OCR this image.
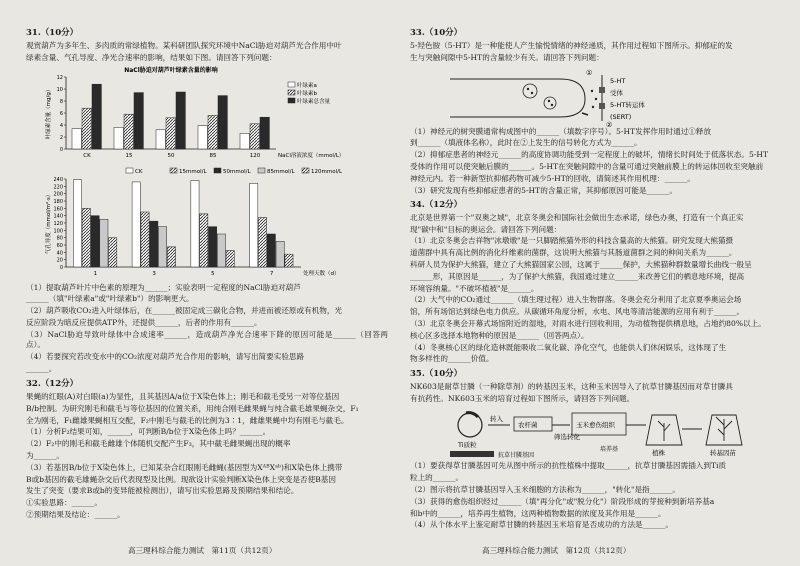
31.（10分）

观赏葫芦为多年生、多肉质的常绿植物。某科研团队探究环境中NaCl胁迫对葫芦光合作用中叶

绿素含量、气孔导度、净光合速率的影响，结果如下图。请回答下列问题：

0
2
4
6
8
10
12
叶绿素含量（mg/g）
CK	15	50	85	120	NaCl溶液浓度（mmol/L）
叶绿素a
叶绿素b
叶绿素总含量
NaCl胁迫对葫芦叶绿素含量的影响
0
20
40
60
80
100
120
140
160
180
200
220
240
气孔导度（mmol/m²·s）
1	3	5	7	处理天数（d）
CK	15mmol/L	50mmol/L	85mmol/L	120mmol/L

（1）提取葫芦叶片中色素的原理为______；实验表明一定程度的NaCl胁迫对葫芦

______（填"叶绿素a"或"叶绿素b"）的影响更大。

（2）葫芦吸收CO₂进入叶绿体后，在______被固定成三碳化合物，并进而被还原或有机物，光

反应阶段为暗反应提供ATP外，还提供______，后者的作用有______。

（3）NaCl胁迫导致叶绿体中合成速率______，造成葫芦净光合速率下降的原因可能是______（回答两点）。

（4）若要探究若改变水中的CO₂浓度对葫芦光合作用的影响，请写出简要实验思路

______。

32.（12分）

果蝇的红眼(A)对白眼(a)为显性，且其基因A/a位于X染色体上；刚毛和截毛受另一对等位基因

B/b控制。为研究刚毛和截毛与等位基因的位置关系，用纯合刚毛雌果蝇与纯合截毛雄果蝇杂交，F₁

全为刚毛，F₁雌雄果蝇相互交配，F₂中刚毛与截毛的比例为3∶1，雌雄果蝇中均有刚毛与截毛。

（1）分析F₂结果可知，______，可判断B/b位于X染色体上吗？______。

（2）F₂中的刚毛和截毛雌雄个体随机交配产生F₃，其中截毛雌果蝇出现的概率

为______。

（3）若基因B/b位于X染色体上，已知某杂合红眼刚毛雌蝇(基因型为XᴬᴮXᵃᵇ)和X染色体上携带

B或b基因的截毛雄蝇杂交后代表现型及比例。现欲设计实验判断X染色体上突变是否使B基因

发生了突变（要求B或b的变异能被检测出），请写出实验思路及预期结果和结论。

①实验思路：______。

②预期结果及结论：______。

高三理科综合能力测试　第11页（共12页）
33.（10分）

5-羟色胺（5-HT）是一种能使人产生愉悦情绪的神经递质，其作用过程如下图所示。抑郁症的发

生与突触间隙中5-HT的含量较少有关。请回答下列问题：

5-HT
受体
5-HT转运体
(SERT)
①
②

（1）神经元的树突膜通常构成图中的______（填数字序号）。5-HT发挥作用时通过①释放

到______（填液体名称），此时在②上发生的信号转化方式为______。

（2）抑郁症患者的神经元______的高度协调功能受到一定程度上的破坏，情绪长时间处于低落状态。5-HT

受体的作用可以使突触后膜的______。5-HT在突触间隙中的含量可通过突触前膜上的转运体回收至突触前

神经元内。若一种新型抗抑郁药物可减少5-HT的回收，请简述其作用机理：______。

（3）研究发现有些抑郁症患者的5-HT的含量正常，其抑郁原因可能是______。

34.（12分）

北京是世界第一个"双奥之城"，北京冬奥会和国际社会做出生态承诺，绿色办奥，打造有一个真正实

现"碳中和"目标的奥运会。请回答下列问题：

（1）北京冬奥会吉祥物"冰墩墩"是一只脚踏熊猫外形的科技含量高的大熊猫。研究发现大熊猫摄

道菌群中具有高比例的消化纤维素的菌群，这说明大熊猫与其肠道菌群之间的种间关系为______。

科研人员为保护大熊猫，建立了大熊猫国家公园，这属于______保护，大熊猫种群数量增长曲线一般呈

______形，其原因是______，为了保护大熊猫，我国通过建立______来改善它们的栖息地环境，提高

环境容纳量。"不破坏植被"是______。

（2）大气中的CO₂通过______（填生理过程）进入生物群落。冬奥会充分利用了北京夏季奥运会场

馆，所有场馆达到绿色电力供应。从碳循环角度分析，水电、风电等清洁能源的应用有利于______。

（3）北京冬奥会开幕式场馆附近的湿地，对雨水进行回收利用，为动植物提供栖息地，占地约80%以上。

核心区多选择本地物种的原因是______（回答两点）。

（4）冬奥核心区的绿化造林既能吸收二氧化碳、净化空气，也能供人们休闲娱乐，这体现了生

物多样性的______价值。

35.（10分）

NK603是耐草甘膦（一种除草剂）的转基因玉米，这种玉米因导入了抗草甘膦基因而对草甘膦具

有抗药性。NK603玉米的培育过程如下图所示，请回答下列问题。

Ti质粒
抗草甘膦基因
转入
农杆菌
筛选转化
玉米愈伤组织
植株	转基因苗
培养基

（1）要获得草甘膦基因可先从图中所示的抗性植株中提取______，抗草甘膦基因需插入到Ti质

粒上的______。

（2）图示将抗草甘膦基因导入玉米细胞的方法称为______，"转化"是指______。

（3）获得的愈伤组织经过______（填"再分化"或"脱分化"）阶段形成的芽接种到新培养基a

和b中的______，培养再生植物，这两种植物数据的浓度及其作用是______。

（4）从个体水平上鉴定耐草甘膦的转基因玉米培育是否成功的方法是______。

高三理科综合能力测试　第12页（共12页）
